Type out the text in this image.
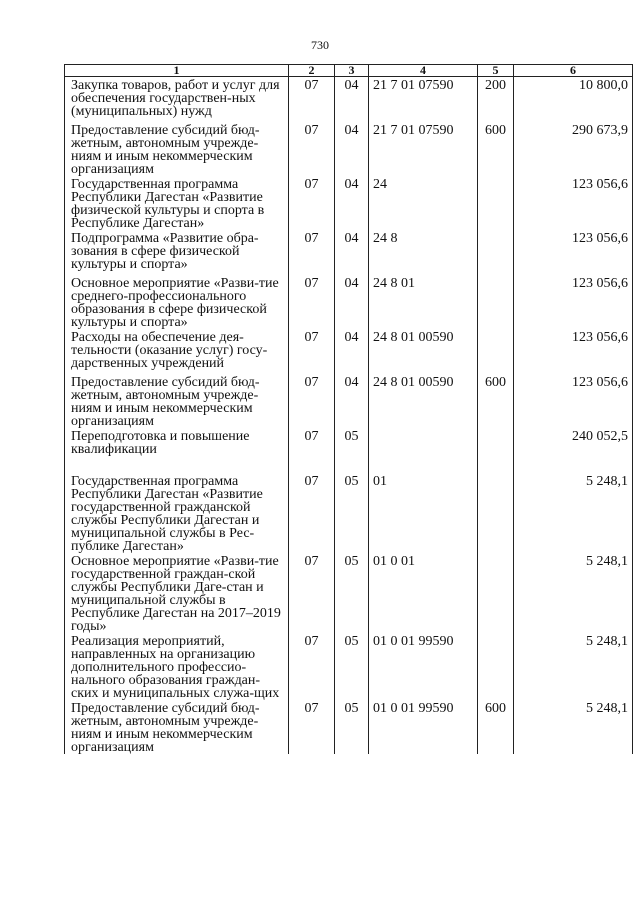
730
1	2	3	4	5	6
Закупка товаров, работ и услуг для обеспечения государствен-ных (муниципальных) нужд	07	04	21 7 01 07590	200	10 800,0
Предоставление субсидий бюд-жетным, автономным учрежде-ниям и иным некоммерческим организациям	07	04	21 7 01 07590	600	290 673,9
Государственная программа Республики Дагестан «Развитие физической культуры и спорта в Республике Дагестан»	07	04	24		123 056,6
Подпрограмма «Развитие обра-зования в сфере физической культуры и спорта»	07	04	24 8		123 056,6
Основное мероприятие «Разви-тие среднего-профессионального образования в сфере физической культуры и спорта»	07	04	24 8 01		123 056,6
Расходы на обеспечение дея-тельности (оказание услуг) госу-дарственных учреждений	07	04	24 8 01 00590		123 056,6
Предоставление субсидий бюд-жетным, автономным учрежде-ниям и иным некоммерческим организациям	07	04	24 8 01 00590	600	123 056,6
Переподготовка и повышение квалификации	07	05			240 052,5
Государственная программа Республики Дагестан «Развитие государственной гражданской службы Республики Дагестан и муниципальной службы в Рес-публике Дагестан»	07	05	01		5 248,1
Основное мероприятие «Разви-тие государственной граждан-ской службы Республики Даге-стан и муниципальной службы в Республике Дагестан на 2017–2019 годы»	07	05	01 0 01		5 248,1
Реализация мероприятий, направленных на организацию дополнительного профессио-нального образования граждан-ских и муниципальных служа-щих	07	05	01 0 01 99590		5 248,1
Предоставление субсидий бюд-жетным, автономным учрежде-ниям и иным некоммерческим организациям	07	05	01 0 01 99590	600	5 248,1
